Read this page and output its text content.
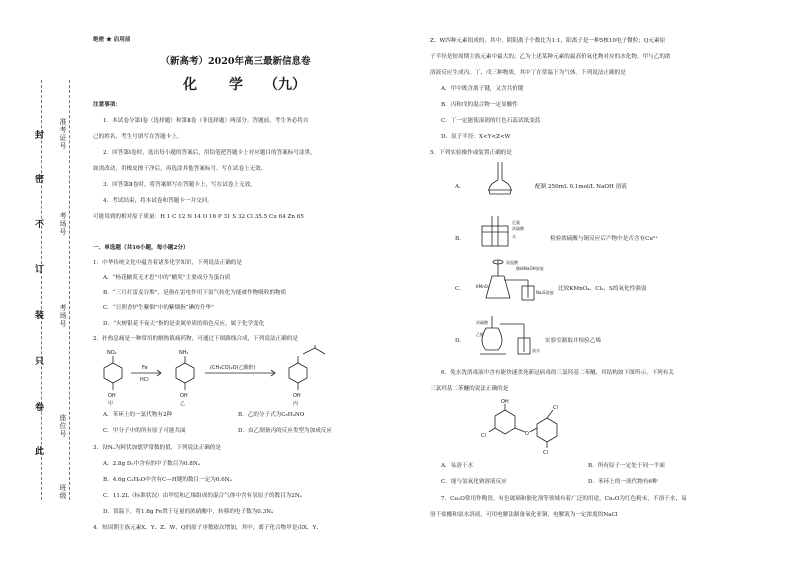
绝密 ★ 启用前
封
密
不
订
装
只
卷
此
准考证号
考场号
考场号
座位号
班级
（新高考）2020年高三最新信息卷
化 学 （九）
注意事项：
1．本试卷分第Ⅰ卷（选择题）和第Ⅱ卷（非选择题）两部分。答题前，考生务必将自
己的姓名、考生号填写在答题卡上。
2．回答第Ⅰ卷时，选出每小题的答案后，用铅笔把答题卡上对应题目的答案标号涂黑，
如需改动，用橡皮擦干净后，再选涂其他答案标号。写在试卷上无效。
3．回答第Ⅱ卷时，将答案填写在答题卡上，写在试卷上无效。
4．考试结束，将本试卷和答题卡一并交回。
可能用到的相对原子质量：H 1 C 12 N 14 O 16 P 31 S 32 Cl 35.5 Cu 64 Zn 65
一、单选题（共10小题，每小题2分）
1．中华传统文化中蕴含着诸多化学知识，下列说法正确的是
A．“杨花榆荚无才思”中的“榆荚”主要成分为蛋白质
B．“三月打雷麦谷堆”，是指在雷电作用下氮气转化为能被作物吸收的物质
C．“日照香炉生紫烟”中的紫烟指“碘的升华”
D．“火树银花不夜天”指的是金属单质的焰色反应，属于化学变化
2．扑热息痛是一种常用的解热镇痛药物，可通过下图路线合成，下列说法正确的是
NO₂	NH₂
OH	OH	OH
Fe
HCl
(CH₃CO)₂O(乙酸酐)
甲	乙	丙
A．苯环上的一氯代物有2种	B．乙的分子式为C₈H₉NO
C．甲分子中的所有原子可能共面	D．由乙制备丙的反应类型为加成反应
3．设Nₐ为阿伏加德罗常数的值，下列说法正确的是
A．2.8g D₂中含有的中子数目为0.8Nₐ
B．4.6g C₂H₆O中含有C—H键的数目一定为0.6Nₐ
C．11.2L（标准状况）由甲烷和乙烯组成的混合气体中含有氢原子的数目为2Nₐ
D．常温下，将1.8g Fe置于足量的浓硝酸中，转移的电子数为0.3Nₐ
4．短周期主族元素X、Y、Z、W、Q的原子序数依次增加，其中，离子化合物甲是由X、Y、
Z、W四种元素组成的，其中，阴阳离子个数比为1:1，阳离子是一种5核10电子微粒；Q元素原
子半径是短周期主族元素中最大的；乙为上述某种元素的最高价氧化物对应的水化物，甲与乙的浓
溶液反应生成丙、丁、戊三种物质，其中丁在常温下为气体。下列说法正确的是
A．甲中既含离子键，又含共价键
B．丙和戊的混合物一定显酸性
C．丁一定能使湿润的红色石蕊试纸变蓝
D．原子半径：X<Y<Z<W
5．下列实验操作或装置正确的是
A．	配制 250mL 0.1mol/L NaOH 溶液
B．
足量
浓硫酸
水	检验浓硫酸与铜反应后产物中是否含有Cu²⁺
C．
浓盐酸
KMnO₄
稀释NaOH溶液
Na₂S溶液
比较KMnO₄、Cl₂、S的氧化性强弱
D．
浓硫酸
乙醇
溴水
实验室制取并检验乙烯
6．免水洗消毒液中含有能快速杀死新冠病毒的三氯羟基二苯醚，其结构如下图所示。下列有关
三氯羟基二苯醚的说法正确的是
OH
Cl
O
Cl
Cl
A．易溶于水	B．所有原子一定处于同一平面
C．能与氢氧化钠溶液反应	D．苯环上的一溴代物有6种
7．Cu₂O常用作陶瓷、有色玻璃和催化剂等领域有着广泛的用途，Cu₂O为红色粉末，不溶于水，易
溶于盐酸和氨水溶液，可用电解法制备氧化亚铜，电解液为一定浓度的NaCl
